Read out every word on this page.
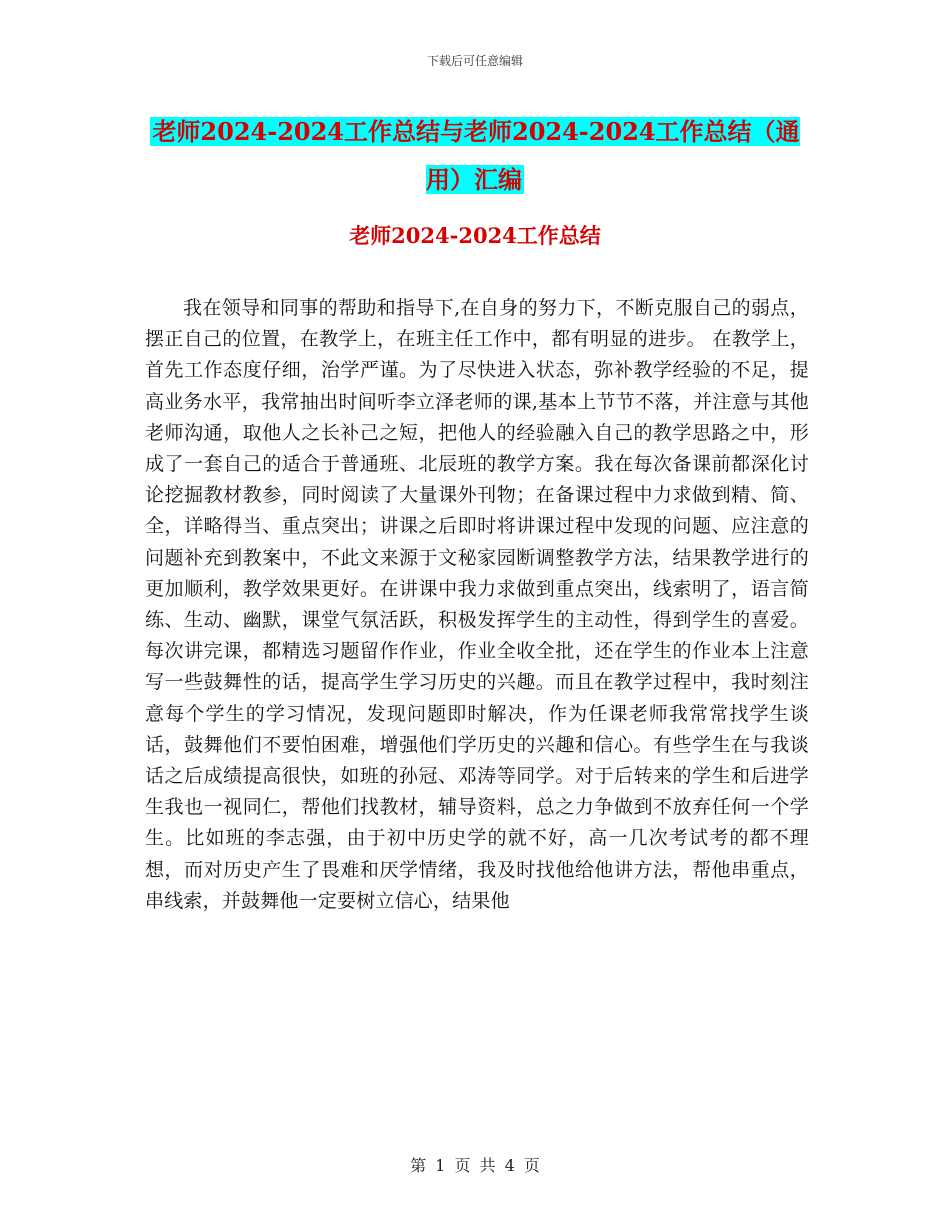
下载后可任意编辑
老师2024-2024工作总结与老师2024-2024工作总结（通用）汇编
老师2024-2024工作总结

我在领导和同事的帮助和指导下,在自身的努力下，不断克服自己的弱点，摆正自己的位置，在教学上，在班主任工作中，都有明显的进步。 在教学上，首先工作态度仔细，治学严谨。为了尽快进入状态，弥补教学经验的不足，提高业务水平，我常抽出时间听李立泽老师的课,基本上节节不落，并注意与其他老师沟通，取他人之长补己之短，把他人的经验融入自己的教学思路之中，形成了一套自己的适合于普通班、北辰班的教学方案。我在每次备课前都深化讨论挖掘教材教参，同时阅读了大量课外刊物；在备课过程中力求做到精、简、全，详略得当、重点突出；讲课之后即时将讲课过程中发现的问题、应注意的问题补充到教案中，不此文来源于文秘家园断调整教学方法，结果教学进行的更加顺利，教学效果更好。在讲课中我力求做到重点突出，线索明了，语言简练、生动、幽默，课堂气氛活跃，积极发挥学生的主动性，得到学生的喜爱。每次讲完课，都精选习题留作作业，作业全收全批，还在学生的作业本上注意写一些鼓舞性的话，提高学生学习历史的兴趣。而且在教学过程中，我时刻注意每个学生的学习情况，发现问题即时解决，作为任课老师我常常找学生谈话，鼓舞他们不要怕困难，增强他们学历史的兴趣和信心。有些学生在与我谈话之后成绩提高很快，如班的孙冠、邓涛等同学。对于后转来的学生和后进学生我也一视同仁，帮他们找教材，辅导资料，总之力争做到不放弃任何一个学生。比如班的李志强，由于初中历史学的就不好，高一几次考试考的都不理想，而对历史产生了畏难和厌学情绪，我及时找他给他讲方法，帮他串重点，串线索，并鼓舞他一定要树立信心，结果他

第 1 页 共 4 页
